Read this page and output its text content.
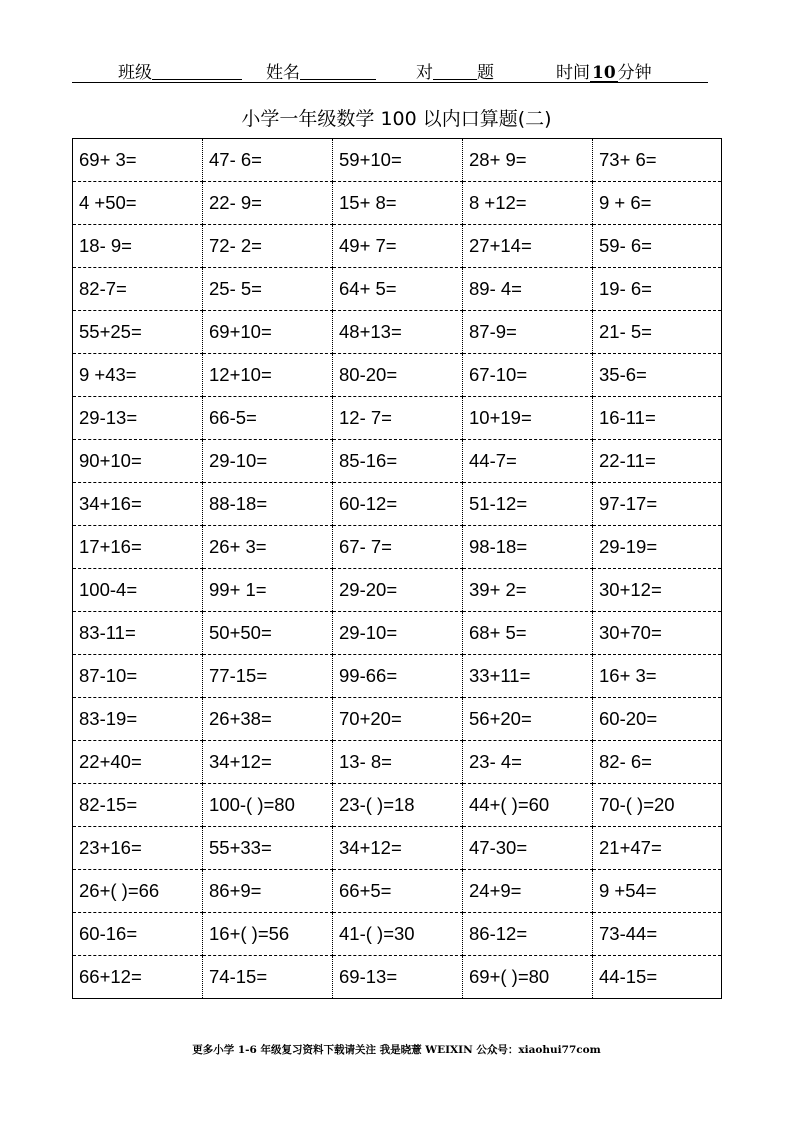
班级	姓名	对	题	时间 10 分钟
小学一年级数学 100 以内口算题(二)
69+ 3=	47- 6=	59+10=	28+ 9=	73+ 6=
4 +50=	22- 9=	15+ 8=	8 +12=	9 + 6=
18- 9=	72- 2=	49+ 7=	27+14=	59- 6=
82-7=	25- 5=	64+ 5=	89- 4=	19- 6=
55+25=	69+10=	48+13=	87-9=	21- 5=
9 +43=	12+10=	80-20=	67-10=	35-6=
29-13=	66-5=	12- 7=	10+19=	16-11=
90+10=	29-10=	85-16=	44-7=	22-11=
34+16=	88-18=	60-12=	51-12=	97-17=
17+16=	26+ 3=	67- 7=	98-18=	29-19=
100-4=	99+ 1=	29-20=	39+ 2=	30+12=
83-11=	50+50=	29-10=	68+ 5=	30+70=
87-10=	77-15=	99-66=	33+11=	16+ 3=
83-19=	26+38=	70+20=	56+20=	60-20=
22+40=	34+12=	13- 8=	23- 4=	82- 6=
82-15=	100-( )=80	23-( )=18	44+( )=60	70-( )=20
23+16=	55+33=	34+12=	47-30=	21+47=
26+( )=66	86+9=	66+5=	24+9=	9 +54=
60-16=	16+( )=56	41-( )=30	86-12=	73-44=
66+12=	74-15=	69-13=	69+( )=80	44-15=
更多小学 1-6 年级复习资料下载请关注 我是晓薏 WEIXIN 公众号：xiaohui77com
